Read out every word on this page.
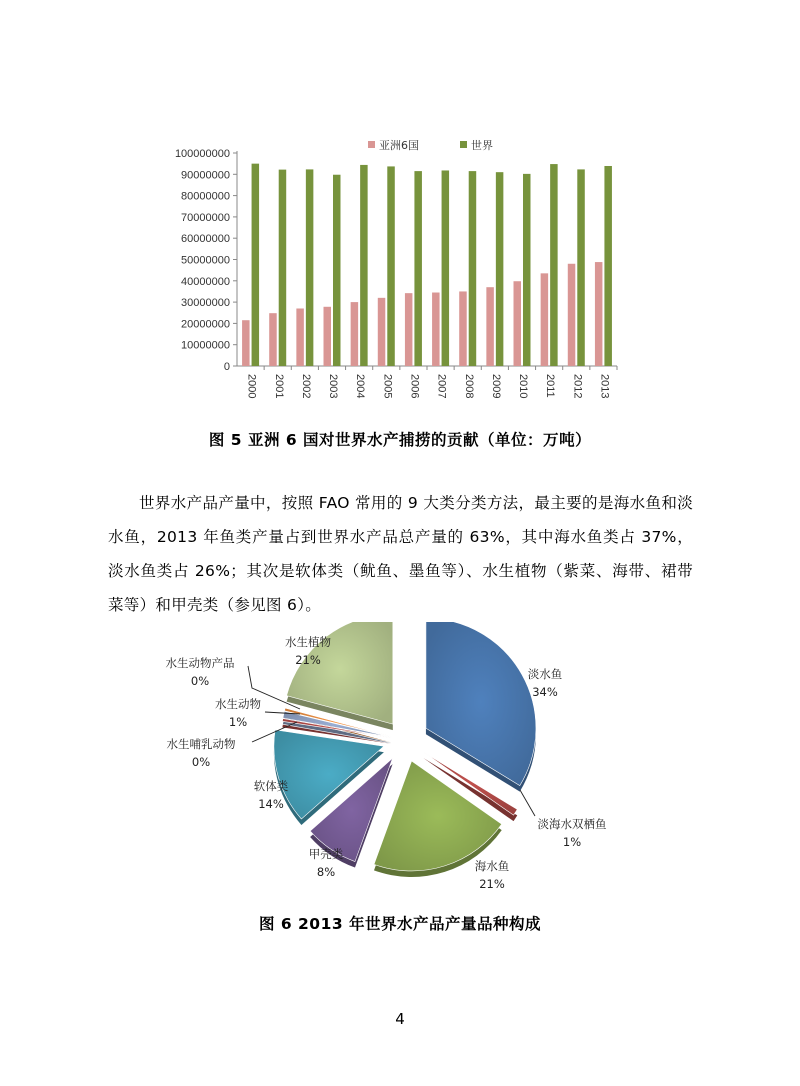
亚洲6国	世界
0
10000000
20000000
30000000
40000000
50000000
60000000
70000000
80000000
90000000
100000000
2000 2001 2002 2003 2004 2005 2006 2007 2008 2009 2010 2011 2012 2013
图 5 亚洲 6 国对世界水产捕捞的贡献（单位：万吨）

世界水产品产量中，按照 FAO 常用的 9 大类分类方法，最主要的是海水鱼和淡水鱼，2013 年鱼类产量占到世界水产品总产量的 63%，其中海水鱼类占 37%，淡水鱼类占 26%；其次是软体类（鱿鱼、墨鱼等）、水生植物（紫菜、海带、裙带菜等）和甲壳类（参见图 6）。

淡水鱼
34%
淡海水双栖鱼
1%
海水鱼
21%
甲壳类
8%
软体类
14%
水生哺乳动物
0%
水生动物
1%
水生动物产品
0%
水生植物
21%
图 6 2013 年世界水产品产量品种构成
4
